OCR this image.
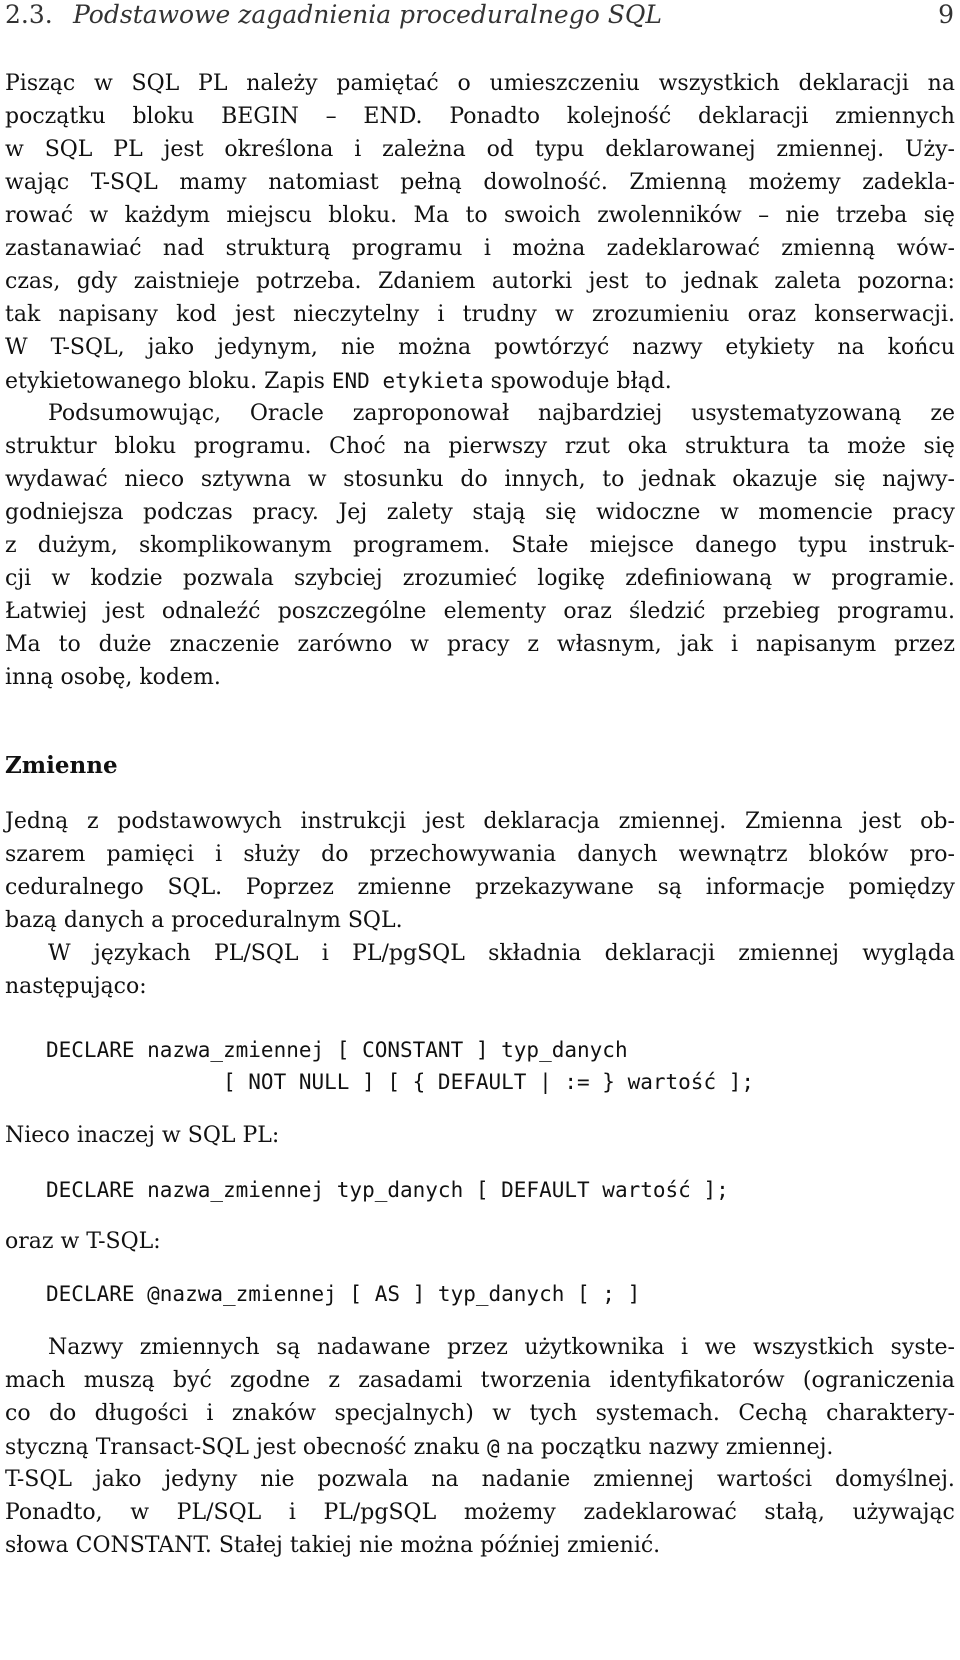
2.3. Podstawowe zagadnienia proceduralnego SQL	9
Pisząc w SQL PL należy pamiętać o umieszczeniu wszystkich deklaracji na
początku bloku BEGIN – END. Ponadto kolejność deklaracji zmiennych
w SQL PL jest określona i zależna od typu deklarowanej zmiennej. Uży-
wając T-SQL mamy natomiast pełną dowolność. Zmienną możemy zadekla-
rować w każdym miejscu bloku. Ma to swoich zwolenników – nie trzeba się
zastanawiać nad strukturą programu i można zadeklarować zmienną wów-
czas, gdy zaistnieje potrzeba. Zdaniem autorki jest to jednak zaleta pozorna:
tak napisany kod jest nieczytelny i trudny w zrozumieniu oraz konserwacji.
W T-SQL, jako jedynym, nie można powtórzyć nazwy etykiety na końcu
etykietowanego bloku. Zapis END etykieta spowoduje błąd.
Podsumowując, Oracle zaproponował najbardziej usystematyzowaną ze
struktur bloku programu. Choć na pierwszy rzut oka struktura ta może się
wydawać nieco sztywna w stosunku do innych, to jednak okazuje się najwy-
godniejsza podczas pracy. Jej zalety stają się widoczne w momencie pracy
z dużym, skomplikowanym programem. Stałe miejsce danego typu instruk-
cji w kodzie pozwala szybciej zrozumieć logikę zdefiniowaną w programie.
Łatwiej jest odnaleźć poszczególne elementy oraz śledzić przebieg programu.
Ma to duże znaczenie zarówno w pracy z własnym, jak i napisanym przez
inną osobę, kodem.
Zmienne
Jedną z podstawowych instrukcji jest deklaracja zmiennej. Zmienna jest ob-
szarem pamięci i służy do przechowywania danych wewnątrz bloków pro-
ceduralnego SQL. Poprzez zmienne przekazywane są informacje pomiędzy
bazą danych a proceduralnym SQL.
W językach PL/SQL i PL/pgSQL składnia deklaracji zmiennej wygląda
następująco:
DECLARE nazwa_zmiennej [ CONSTANT ] typ_danych
[ NOT NULL ] [ { DEFAULT | := } wartość ];
Nieco inaczej w SQL PL:
DECLARE nazwa_zmiennej typ_danych [ DEFAULT wartość ];
oraz w T-SQL:
DECLARE @nazwa_zmiennej [ AS ] typ_danych [ ; ]
Nazwy zmiennych są nadawane przez użytkownika i we wszystkich syste-
mach muszą być zgodne z zasadami tworzenia identyfikatorów (ograniczenia
co do długości i znaków specjalnych) w tych systemach. Cechą charaktery-
styczną Transact-SQL jest obecność znaku @ na początku nazwy zmiennej.
T-SQL jako jedyny nie pozwala na nadanie zmiennej wartości domyślnej.
Ponadto, w PL/SQL i PL/pgSQL możemy zadeklarować stałą, używając
słowa CONSTANT. Stałej takiej nie można później zmienić.
